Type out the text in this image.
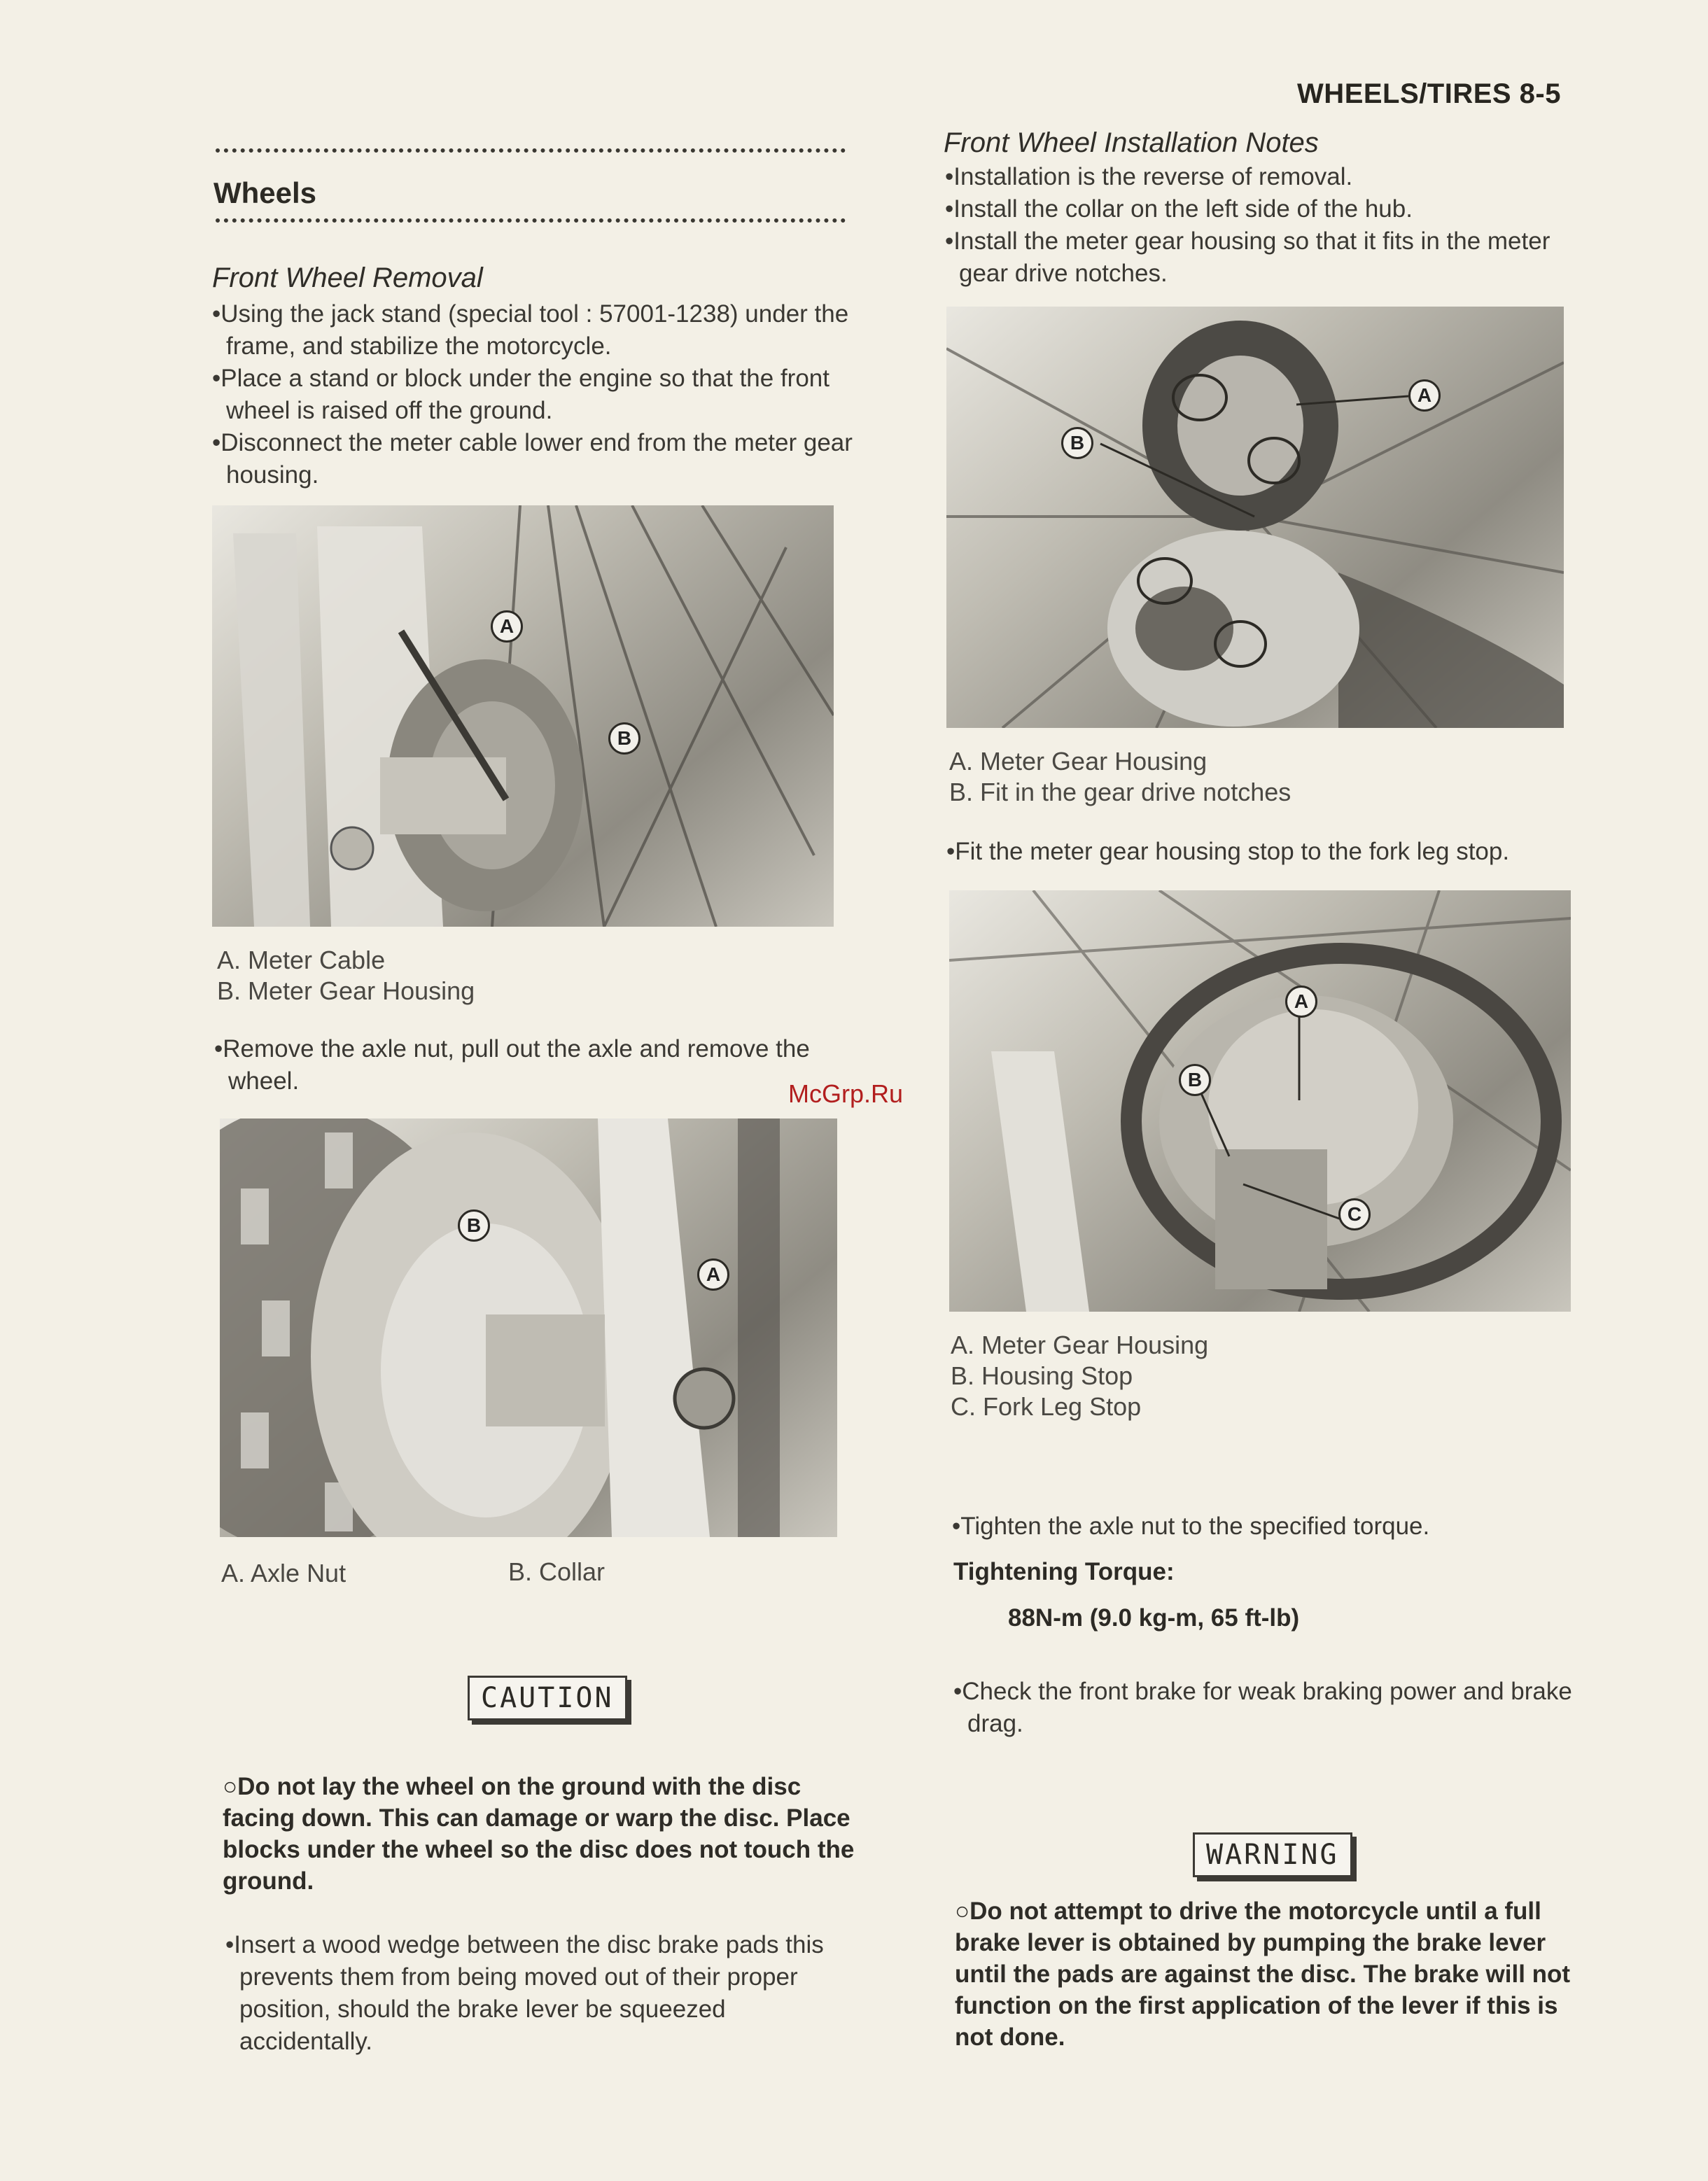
WHEELS/TIRES 8-5
Wheels
Front Wheel Removal

•Using the jack stand (special tool : 57001-1238) under the frame, and stabilize the motorcycle.

•Place a stand or block under the engine so that the front wheel is raised off the ground.

•Disconnect the meter cable lower end from the meter gear housing.

A
B
A. Meter Cable
B. Meter Gear Housing

•Remove the axle nut, pull out the axle and remove the wheel.

B
A
A. Axle Nut	B. Collar
CAUTION
○Do not lay the wheel on the ground with the disc facing down. This can damage or warp the disc. Place blocks under the wheel so the disc does not touch the ground.

•Insert a wood wedge between the disc brake pads this prevents them from being moved out of their proper position, should the brake lever be squeezed accidentally.

McGrp.Ru
Front Wheel Installation Notes

•Installation is the reverse of removal.

•Install the collar on the left side of the hub.

•Install the meter gear housing so that it fits in the meter gear drive notches.

A
B
A. Meter Gear Housing
B. Fit in the gear drive notches

•Fit the meter gear housing stop to the fork leg stop.

A
B
C
A. Meter Gear Housing
B. Housing Stop
C. Fork Leg Stop

•Tighten the axle nut to the specified torque.

Tightening Torque:
88N-m (9.0 kg-m, 65 ft-lb)

•Check the front brake for weak braking power and brake drag.

WARNING
○Do not attempt to drive the motorcycle until a full brake lever is obtained by pumping the brake lever until the pads are against the disc. The brake will not function on the first application of the lever if this is not done.
